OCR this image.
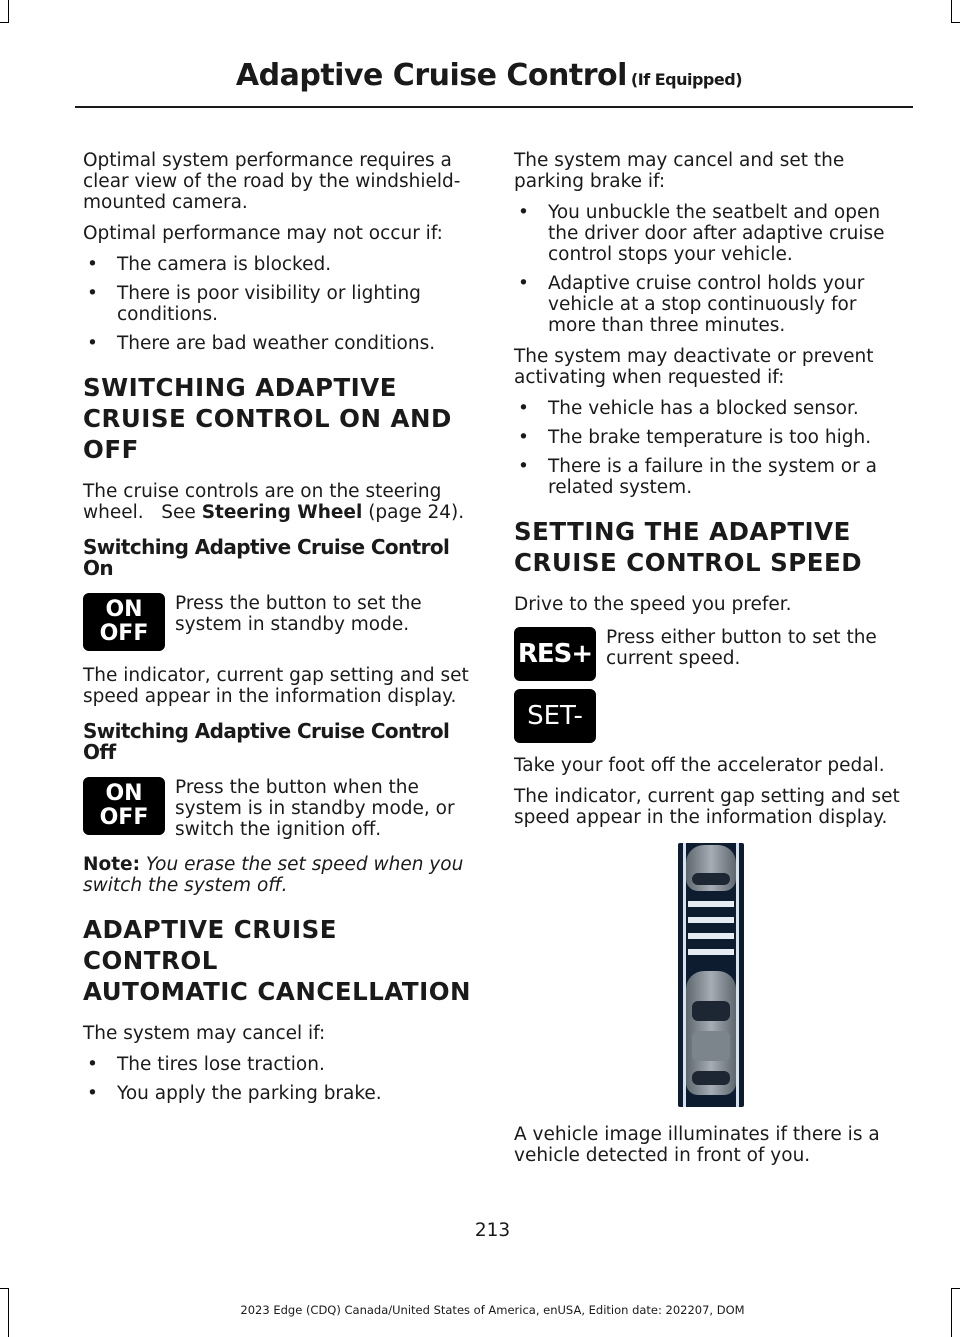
Adaptive Cruise Control (If Equipped)

Optimal system performance requires a clear view of the road by the windshield-mounted camera.

Optimal performance may not occur if:

• The camera is blocked.
• There is poor visibility or lighting conditions.
• There are bad weather conditions.
SWITCHING ADAPTIVE
CRUISE CONTROL ON AND OFF

The cruise controls are on the steering wheel. See Steering Wheel (page 24).

Switching Adaptive Cruise Control On
ON
OFF
Press the button to set the system in standby mode.

The indicator, current gap setting and set speed appear in the information display.

Switching Adaptive Cruise Control Off
ON
OFF
Press the button when the system is in standby mode, or switch the ignition off.
Note: You erase the set speed when you switch the system off.
ADAPTIVE CRUISE CONTROL
AUTOMATIC CANCELLATION

The system may cancel if:

• The tires lose traction.
• You apply the parking brake.

The system may cancel and set the parking brake if:

• You unbuckle the seatbelt and open the driver door after adaptive cruise control stops your vehicle.
• Adaptive cruise control holds your vehicle at a stop continuously for more than three minutes.

The system may deactivate or prevent activating when requested if:

• The vehicle has a blocked sensor.
• The brake temperature is too high.
• There is a failure in the system or a related system.
SETTING THE ADAPTIVE
CRUISE CONTROL SPEED

Drive to the speed you prefer.

RES+
SET-
Press either button to set the current speed.

Take your foot off the accelerator pedal.

The indicator, current gap setting and set speed appear in the information display.

A vehicle image illuminates if there is a vehicle detected in front of you.

213
2023 Edge (CDQ) Canada/United States of America, enUSA, Edition date: 202207, DOM
